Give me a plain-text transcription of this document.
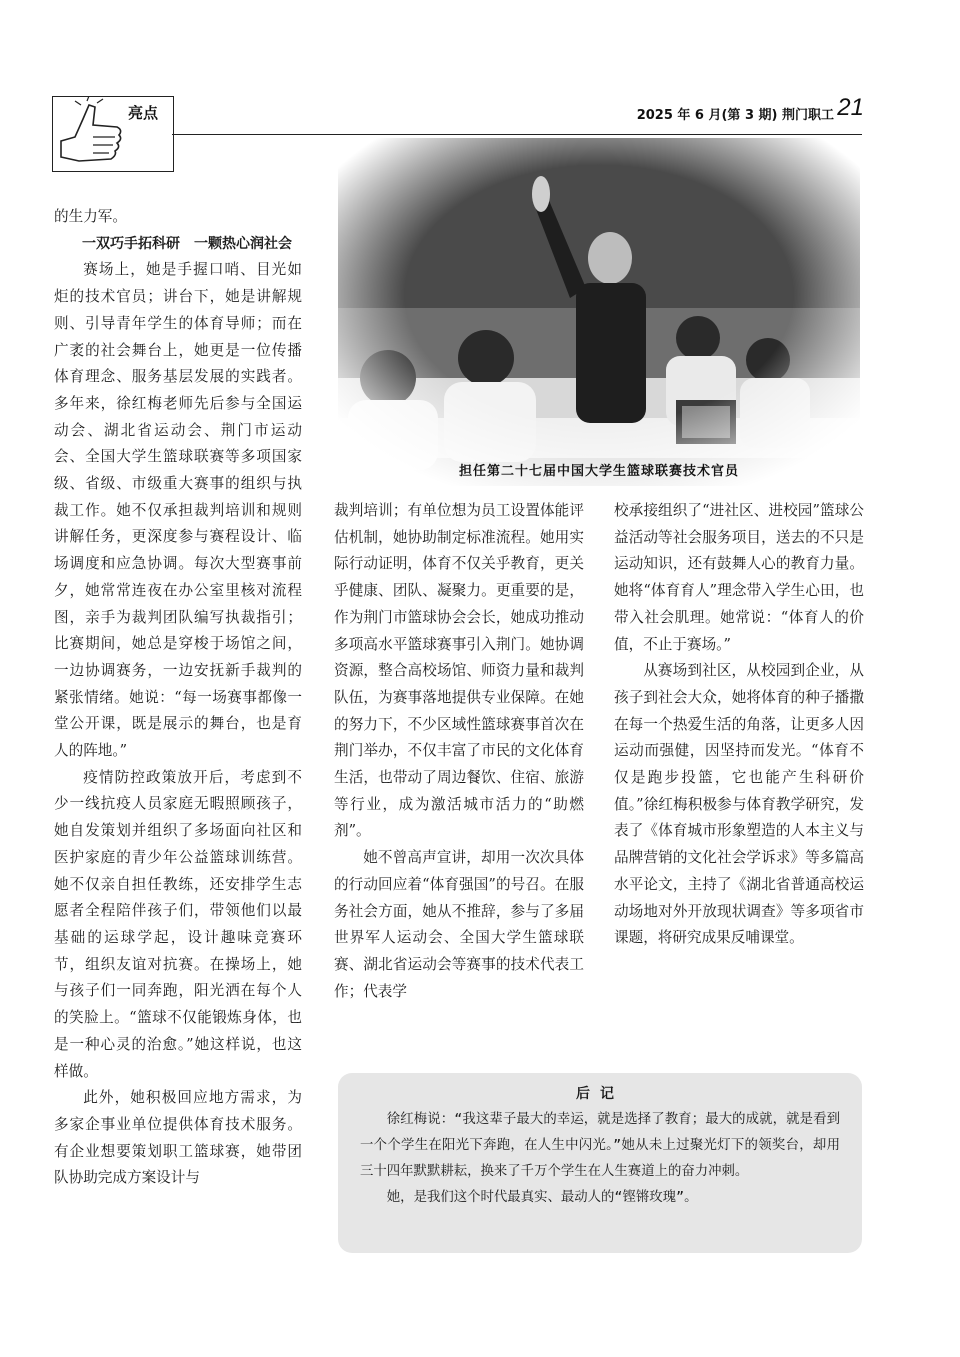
亮点	2025 年 6 月(第 3 期) 荆门职工 21
担任第二十七届中国大学生篮球联赛技术官员

的生力军。

一双巧手拓科研　一颗热心润社会

赛场上，她是手握口哨、目光如炬的技术官员；讲台下，她是讲解规则、引导青年学生的体育导师；而在广袤的社会舞台上，她更是一位传播体育理念、服务基层发展的实践者。多年来，徐红梅老师先后参与全国运动会、湖北省运动会、荆门市运动会、全国大学生篮球联赛等多项国家级、省级、市级重大赛事的组织与执裁工作。她不仅承担裁判培训和规则讲解任务，更深度参与赛程设计、临场调度和应急协调。每次大型赛事前夕，她常常连夜在办公室里核对流程图，亲手为裁判团队编写执裁指引；比赛期间，她总是穿梭于场馆之间，一边协调赛务，一边安抚新手裁判的紧张情绪。她说：“每一场赛事都像一堂公开课，既是展示的舞台，也是育人的阵地。”

疫情防控政策放开后，考虑到不少一线抗疫人员家庭无暇照顾孩子，她自发策划并组织了多场面向社区和医护家庭的青少年公益篮球训练营。她不仅亲自担任教练，还安排学生志愿者全程陪伴孩子们，带领他们以最基础的运球学起，设计趣味竞赛环节，组织友谊对抗赛。在操场上，她与孩子们一同奔跑，阳光洒在每个人的笑脸上。“篮球不仅能锻炼身体，也是一种心灵的治愈。”她这样说，也这样做。

此外，她积极回应地方需求，为多家企事业单位提供体育技术服务。有企业想要策划职工篮球赛，她带团队协助完成方案设计与

裁判培训；有单位想为员工设置体能评估机制，她协助制定标准流程。她用实际行动证明，体育不仅关乎教育，更关乎健康、团队、凝聚力。更重要的是，作为荆门市篮球协会会长，她成功推动多项高水平篮球赛事引入荆门。她协调资源，整合高校场馆、师资力量和裁判队伍，为赛事落地提供专业保障。在她的努力下，不少区域性篮球赛事首次在荆门举办，不仅丰富了市民的文化体育生活，也带动了周边餐饮、住宿、旅游等行业，成为激活城市活力的“助燃剂”。

她不曾高声宣讲，却用一次次具体的行动回应着“体育强国”的号召。在服务社会方面，她从不推辞，参与了多届世界军人运动会、全国大学生篮球联赛、湖北省运动会等赛事的技术代表工作；代表学

校承接组织了“进社区、进校园”篮球公益活动等社会服务项目，送去的不只是运动知识，还有鼓舞人心的教育力量。她将“体育育人”理念带入学生心田，也带入社会肌理。她常说：“体育人的价值，不止于赛场。”

从赛场到社区，从校园到企业，从孩子到社会大众，她将体育的种子播撒在每一个热爱生活的角落，让更多人因运动而强健，因坚持而发光。“体育不仅是跑步投篮，它也能产生科研价值。”徐红梅积极参与体育教学研究，发表了《体育城市形象塑造的人本主义与品牌营销的文化社会学诉求》等多篇高水平论文，主持了《湖北省普通高校运动场地对外开放现状调查》等多项省市课题，将研究成果反哺课堂。

后记

徐红梅说：“我这辈子最大的幸运，就是选择了教育；最大的成就，就是看到一个个学生在阳光下奔跑，在人生中闪光。”她从未上过聚光灯下的领奖台，却用三十四年默默耕耘，换来了千万个学生在人生赛道上的奋力冲刺。

她，是我们这个时代最真实、最动人的“铿锵玫瑰”。
